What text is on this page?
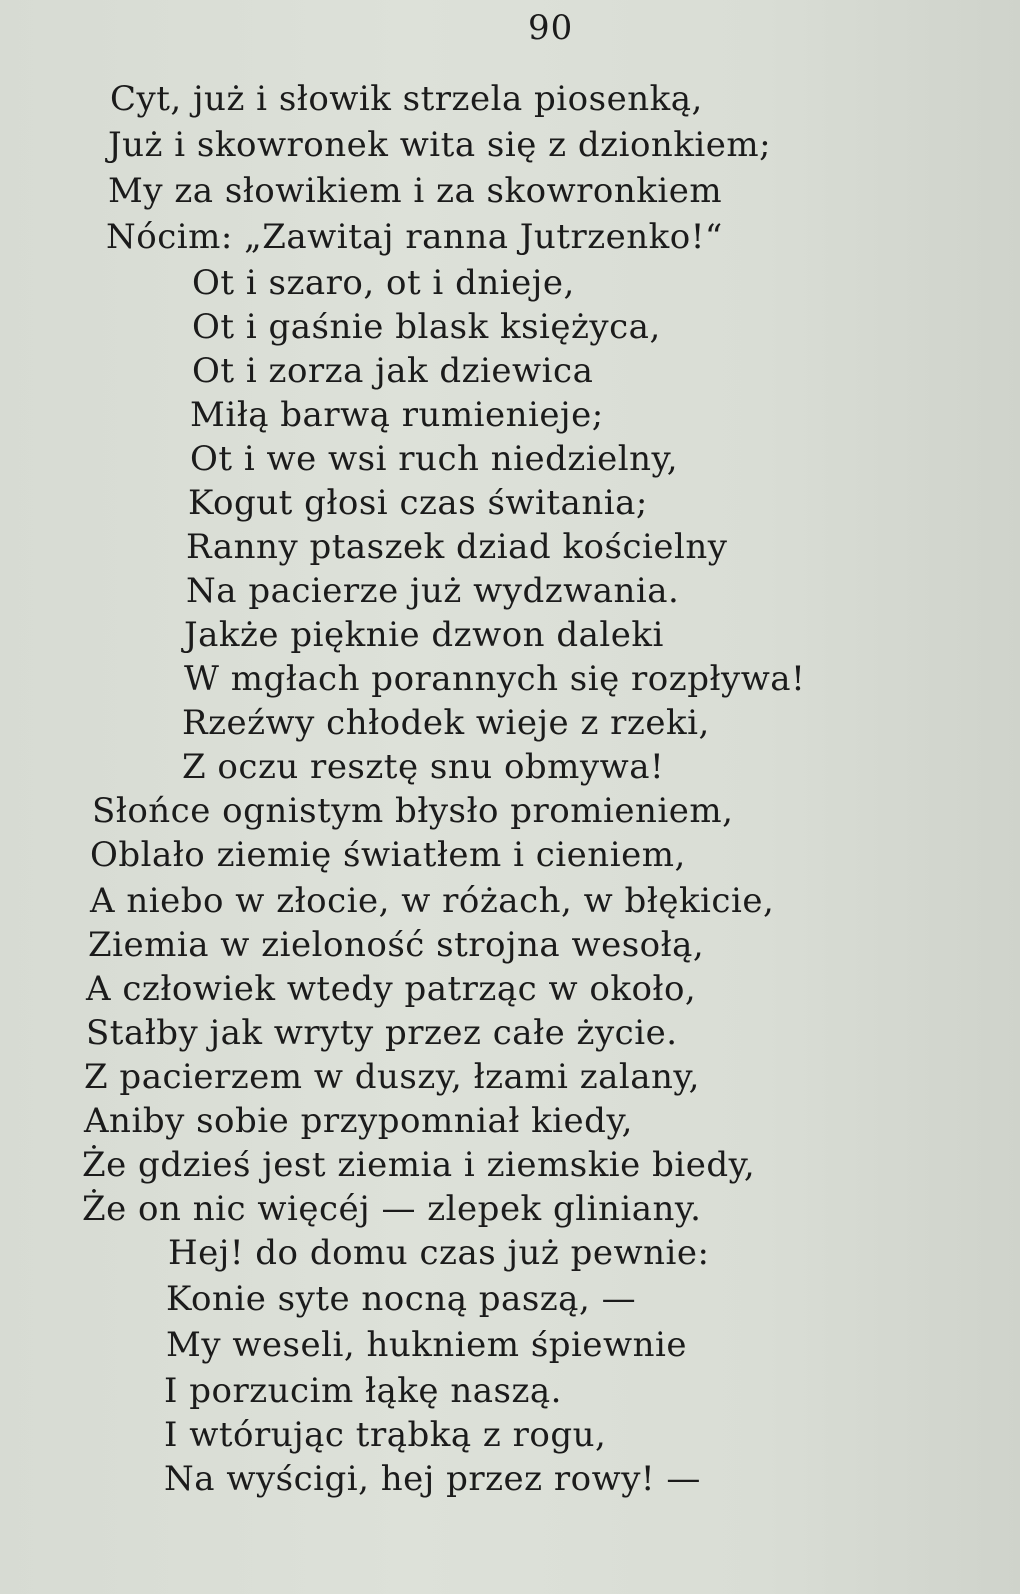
90
Cyt, już i słowik strzela piosenką,
Już i skowronek wita się z dzionkiem;
My za słowikiem i za skowronkiem
Nócim: „Zawitaj ranna Jutrzenko!“
Ot i szaro, ot i dnieje,
Ot i gaśnie blask księżyca,
Ot i zorza jak dziewica
Miłą barwą rumienieje;
Ot i we wsi ruch niedzielny,
Kogut głosi czas świtania;
Ranny ptaszek dziad kościelny
Na pacierze już wydzwania.
Jakże pięknie dzwon daleki
W mgłach porannych się rozpływa!
Rzeźwy chłodek wieje z rzeki,
Z oczu resztę snu obmywa!
Słońce ognistym błysło promieniem,
Oblało ziemię światłem i cieniem,
A niebo w złocie, w różach, w błękicie,
Ziemia w zieloność strojna wesołą,
A człowiek wtedy patrząc w około,
Stałby jak wryty przez całe życie.
Z pacierzem w duszy, łzami zalany,
Aniby sobie przypomniał kiedy,
Że gdzieś jest ziemia i ziemskie biedy,
Że on nic więcéj — zlepek gliniany.
Hej! do domu czas już pewnie:
Konie syte nocną paszą, —
My weseli, hukniem śpiewnie
I porzucim łąkę naszą.
I wtórując trąbką z rogu,
Na wyścigi, hej przez rowy! —
